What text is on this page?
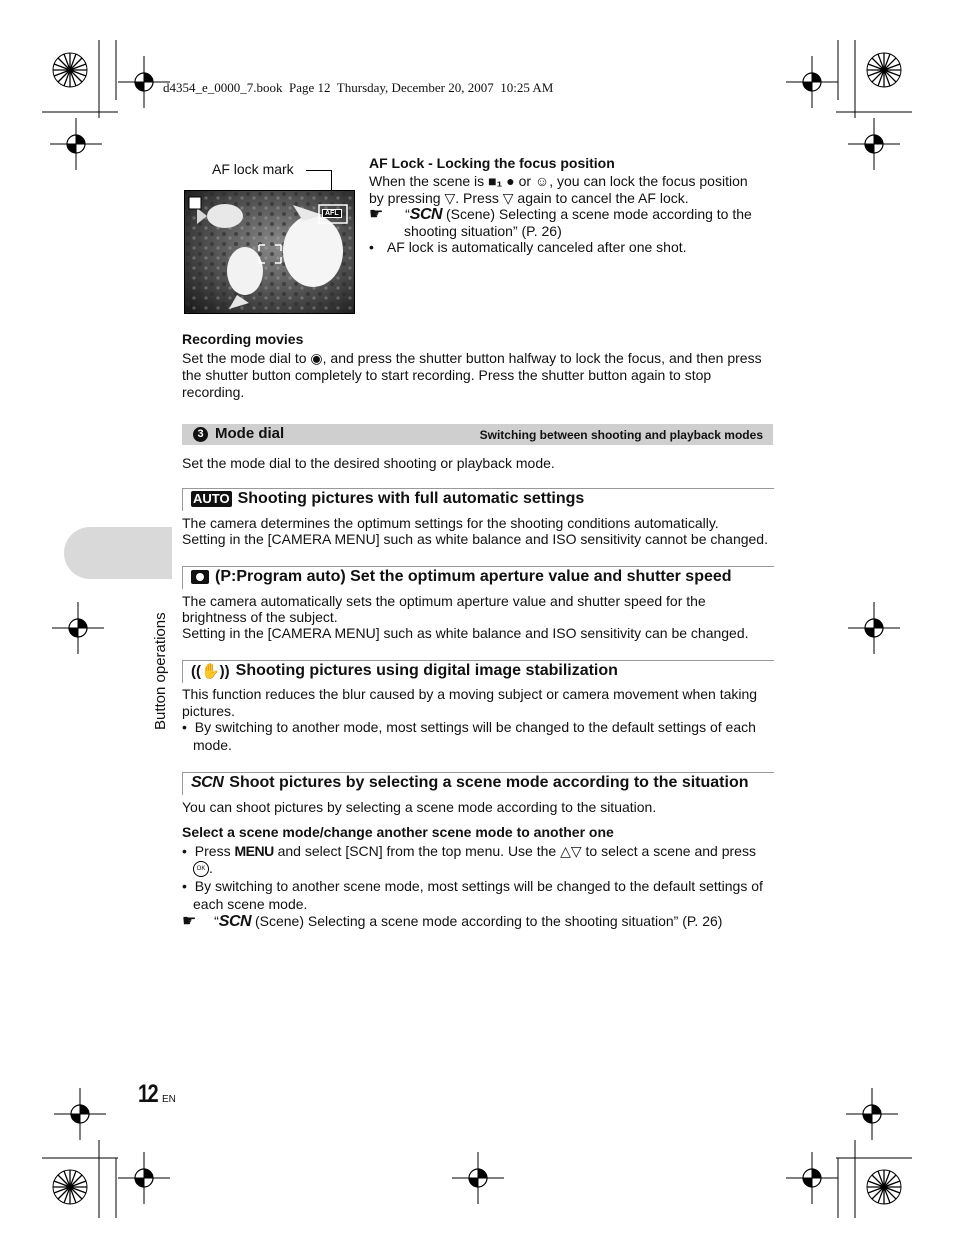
d4354_e_0000_7.book  Page 12  Thursday, December 20, 2007  10:25 AM
Button operations
AF lock mark
AFL
AF Lock - Locking the focus position
When the scene is ■₁ ● or ☺, you can lock the focus position
by pressing ▽. Press ▽ again to cancel the AF lock.
☛ “SCN (Scene) Selecting a scene mode according to the
shooting situation” (P. 26)
• AF lock is automatically canceled after one shot.
Recording movies
Set the mode dial to ◉, and press the shutter button halfway to lock the focus, and then press
the shutter button completely to start recording. Press the shutter button again to stop
recording.
3 Mode dial	Switching between shooting and playback modes
Set the mode dial to the desired shooting or playback mode.
AUTO Shooting pictures with full automatic settings
The camera determines the optimum settings for the shooting conditions automatically.
Setting in the [CAMERA MENU] such as white balance and ISO sensitivity cannot be changed.
(P:Program auto) Set the optimum aperture value and shutter speed
The camera automatically sets the optimum aperture value and shutter speed for the
brightness of the subject.
Setting in the [CAMERA MENU] such as white balance and ISO sensitivity can be changed.
((✋)) Shooting pictures using digital image stabilization
This function reduces the blur caused by a moving subject or camera movement when taking
pictures.
• By switching to another mode, most settings will be changed to the default settings of each
mode.
SCN Shoot pictures by selecting a scene mode according to the situation
You can shoot pictures by selecting a scene mode according to the situation.
Select a scene mode/change another scene mode to another one
• Press MENU and select [SCN] from the top menu. Use the △▽ to select a scene and press
OK .
• By switching to another scene mode, most settings will be changed to the default settings of
each scene mode.
☛ “SCN (Scene) Selecting a scene mode according to the shooting situation” (P. 26)
12 EN
